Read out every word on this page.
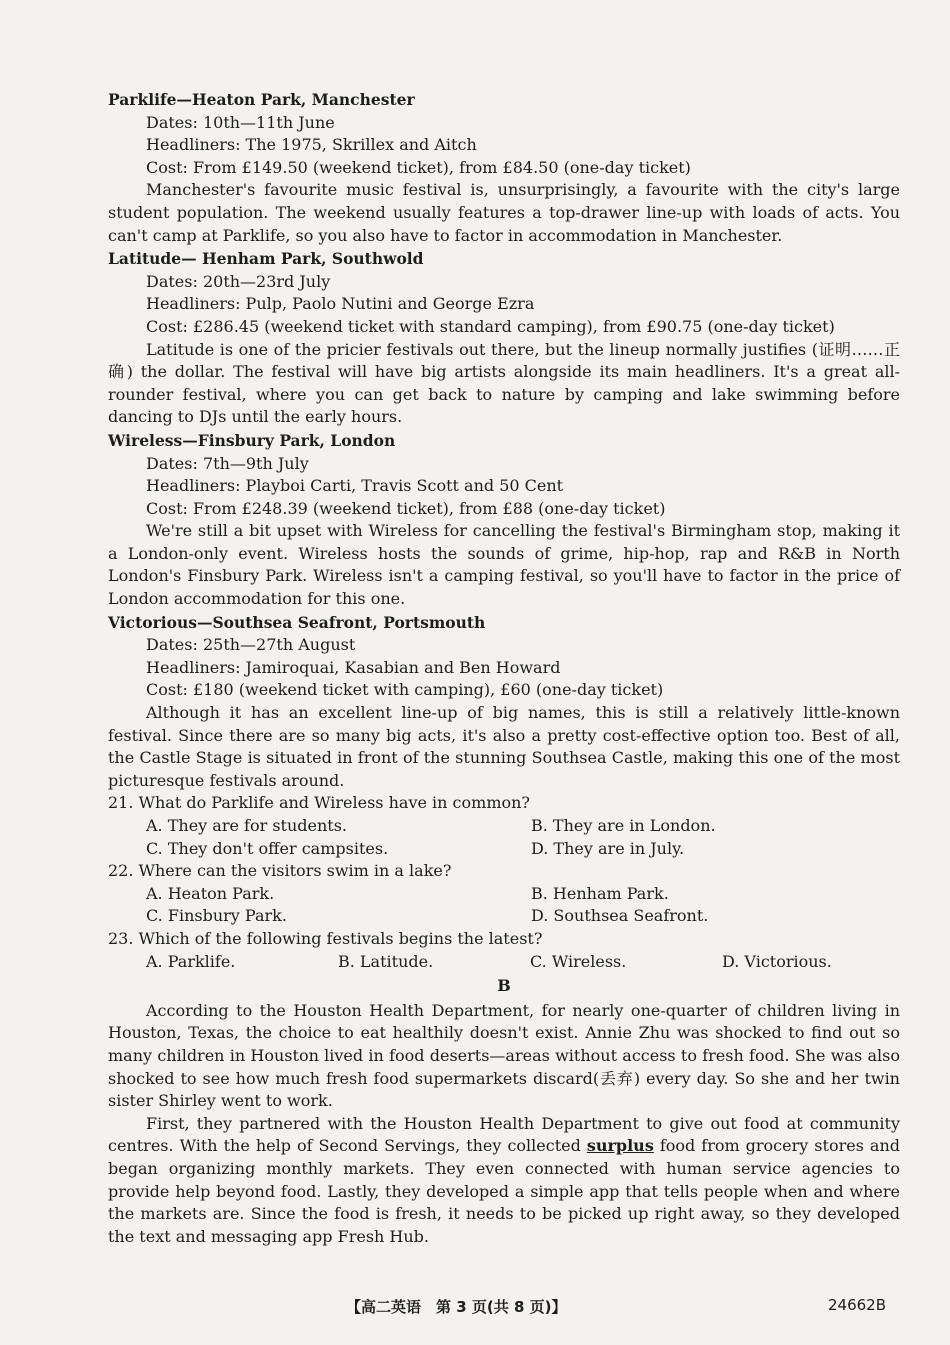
Parklife—Heaton Park, Manchester
Dates: 10th—11th June
Headliners: The 1975, Skrillex and Aitch
Cost: From £149.50 (weekend ticket), from £84.50 (one-day ticket)

Manchester's favourite music festival is, unsurprisingly, a favourite with the city's large student population. The weekend usually features a top-drawer line-up with loads of acts. You can't camp at Parklife, so you also have to factor in accommodation in Manchester.

Latitude— Henham Park, Southwold
Dates: 20th—23rd July
Headliners: Pulp, Paolo Nutini and George Ezra
Cost: £286.45 (weekend ticket with standard camping), from £90.75 (one-day ticket)

Latitude is one of the pricier festivals out there, but the lineup normally justifies (证明……正确) the dollar. The festival will have big artists alongside its main headliners. It's a great all-rounder festival, where you can get back to nature by camping and lake swimming before dancing to DJs until the early hours.

Wireless—Finsbury Park, London
Dates: 7th—9th July
Headliners: Playboi Carti, Travis Scott and 50 Cent
Cost: From £248.39 (weekend ticket), from £88 (one-day ticket)

We're still a bit upset with Wireless for cancelling the festival's Birmingham stop, making it a London-only event. Wireless hosts the sounds of grime, hip-hop, rap and R&B in North London's Finsbury Park. Wireless isn't a camping festival, so you'll have to factor in the price of London accommodation for this one.

Victorious—Southsea Seafront, Portsmouth
Dates: 25th—27th August
Headliners: Jamiroquai, Kasabian and Ben Howard
Cost: £180 (weekend ticket with camping), £60 (one-day ticket)

Although it has an excellent line-up of big names, this is still a relatively little-known festival. Since there are so many big acts, it's also a pretty cost-effective option too. Best of all, the Castle Stage is situated in front of the stunning Southsea Castle, making this one of the most picturesque festivals around.

21. What do Parklife and Wireless have in common?

A. They are for students.	B. They are in London.
C. They don't offer campsites.	D. They are in July.

22. Where can the visitors swim in a lake?

A. Heaton Park.	B. Henham Park.
C. Finsbury Park.	D. Southsea Seafront.

23. Which of the following festivals begins the latest?

A. Parklife.	B. Latitude.	C. Wireless.	D. Victorious.
B

According to the Houston Health Department, for nearly one-quarter of children living in Houston, Texas, the choice to eat healthily doesn't exist. Annie Zhu was shocked to find out so many children in Houston lived in food deserts—areas without access to fresh food. She was also shocked to see how much fresh food supermarkets discard(丢弃) every day. So she and her twin sister Shirley went to work.

First, they partnered with the Houston Health Department to give out food at community centres. With the help of Second Servings, they collected surplus food from grocery stores and began organizing monthly markets. They even connected with human service agencies to provide help beyond food. Lastly, they developed a simple app that tells people when and where the markets are. Since the food is fresh, it needs to be picked up right away, so they developed the text and messaging app Fresh Hub.

【高二英语　第 3 页(共 8 页)】	24662B
